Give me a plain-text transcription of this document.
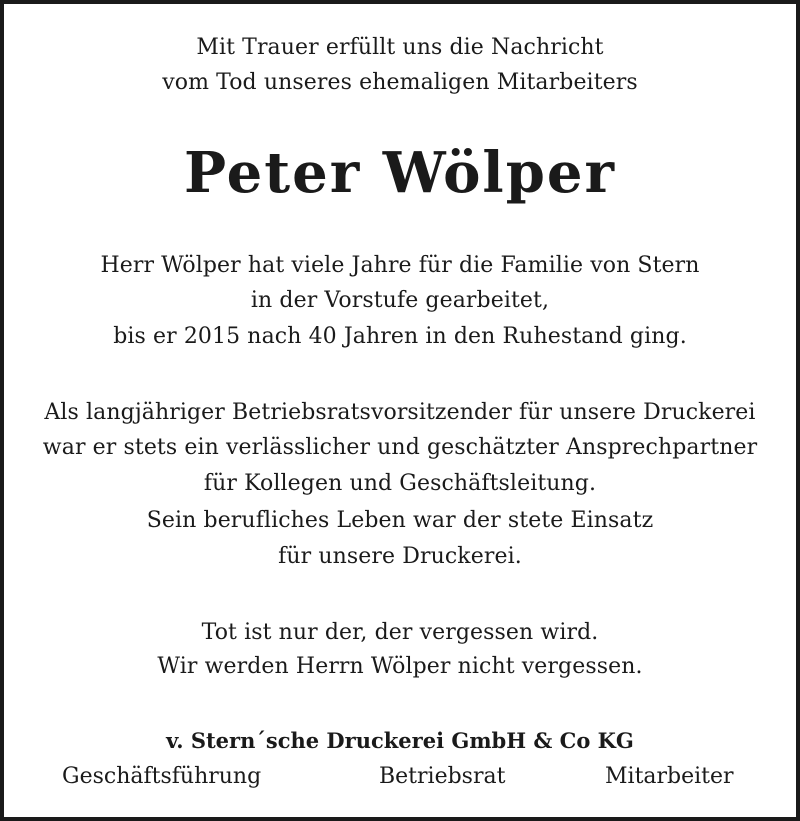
Mit Trauer erfüllt uns die Nachricht
vom Tod unseres ehemaligen Mitarbeiters
Peter Wölper
Herr Wölper hat viele Jahre für die Familie von Stern
in der Vorstufe gearbeitet,
bis er 2015 nach 40 Jahren in den Ruhestand ging.
Als langjähriger Betriebsratsvorsitzender für unsere Druckerei
war er stets ein verlässlicher und geschätzter Ansprechpartner
für Kollegen und Geschäftsleitung.
Sein berufliches Leben war der stete Einsatz
für unsere Druckerei.
Tot ist nur der, der vergessen wird.
Wir werden Herrn Wölper nicht vergessen.
v. Stern´sche Druckerei GmbH & Co KG
Geschäftsführung	Betriebsrat	Mitarbeiter
